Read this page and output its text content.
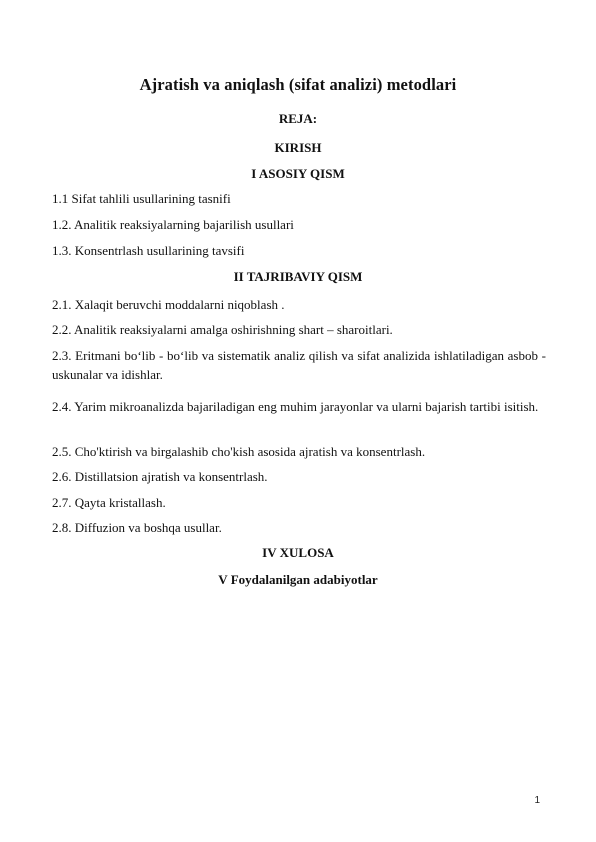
Ajratish va aniqlash (sifat analizi) metodlari
REJA:
KIRISH
I ASOSIY QISM
1.1 Sifat tahlili usullarining tasnifi
1.2. Analitik reaksiyalarning bajarilish usullari
1.3. Konsentrlash usullarining tavsifi
II TAJRIBAVIY QISM
2.1. Xalaqit beruvchi moddalarni niqoblash .
2.2. Analitik reaksiyalarni amalga oshirishning shart – sharoitlari.
2.3. Eritmani bo‘lib - bo‘lib va sistematik analiz qilish va sifat analizida ishlatiladigan asbob - uskunalar va idishlar.
2.4. Yarim mikroanalizda bajariladigan eng muhim jarayonlar va ularni bajarish tartibi isitish.
2.5. Cho'ktirish va birgalashib cho'kish asosida ajratish va konsentrlash.
2.6. Distillatsion ajratish va konsentrlash.
2.7. Qayta kristallash.
2.8. Diffuzion va boshqa usullar.
IV XULOSA
V Foydalanilgan adabiyotlar
1
